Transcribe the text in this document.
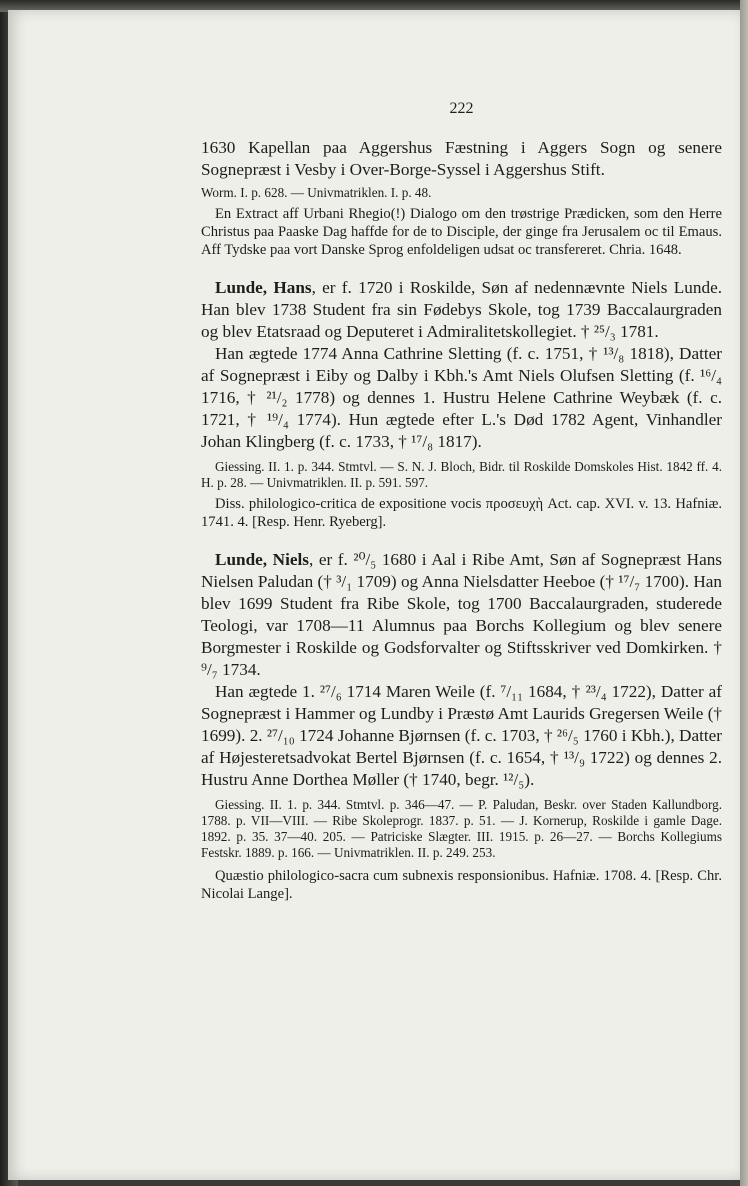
222

1630 Kapellan paa Aggershus Fæstning i Aggers Sogn og senere Sognepræst i Vesby i Over-Borge-Syssel i Aggershus Stift.

Worm. I. p. 628. — Univmatriklen. I. p. 48.

En Extract aff Urbani Rhegio(!) Dialogo om den trøstrige Prædicken, som den Herre Christus paa Paaske Dag haffde for de to Disciple, der ginge fra Jerusalem oc til Emaus. Aff Tydske paa vort Danske Sprog enfoldeligen udsat oc transfereret. Chria. 1648.

Lunde, Hans, er f. 1720 i Roskilde, Søn af nedennævnte Niels Lunde. Han blev 1738 Student fra sin Fødebys Skole, tog 1739 Baccalaurgraden og blev Etatsraad og Deputeret i Admiralitetskollegiet. † ²⁵/₃ 1781.

Han ægtede 1774 Anna Cathrine Sletting (f. c. 1751, † ¹³/₈ 1818), Datter af Sognepræst i Eiby og Dalby i Kbh.'s Amt Niels Olufsen Sletting (f. ¹⁶/₄ 1716, † ²¹/₂ 1778) og dennes 1. Hustru Helene Cathrine Weybæk (f. c. 1721, † ¹⁹/₄ 1774). Hun ægtede efter L.'s Død 1782 Agent, Vinhandler Johan Klingberg (f. c. 1733, † ¹⁷/₈ 1817).

Giessing. II. 1. p. 344. Stmtvl. — S. N. J. Bloch, Bidr. til Roskilde Domskoles Hist. 1842 ff. 4. H. p. 28. — Univmatriklen. II. p. 591. 597.

Diss. philologico-critica de expositione vocis προσευχὴ Act. cap. XVI. v. 13. Hafniæ. 1741. 4. [Resp. Henr. Ryeberg].

Lunde, Niels, er f. ²⁰/₅ 1680 i Aal i Ribe Amt, Søn af Sognepræst Hans Nielsen Paludan († ³/₁ 1709) og Anna Nielsdatter Heeboe († ¹⁷/₇ 1700). Han blev 1699 Student fra Ribe Skole, tog 1700 Baccalaurgraden, studerede Teologi, var 1708—11 Alumnus paa Borchs Kollegium og blev senere Borgmester i Roskilde og Godsforvalter og Stiftsskriver ved Domkirken. † ⁹/₇ 1734.

Han ægtede 1. ²⁷/₆ 1714 Maren Weile (f. ⁷/₁₁ 1684, † ²³/₄ 1722), Datter af Sognepræst i Hammer og Lundby i Præstø Amt Laurids Gregersen Weile († 1699). 2. ²⁷/₁₀ 1724 Johanne Bjørnsen (f. c. 1703, † ²⁶/₅ 1760 i Kbh.), Datter af Højesteretsadvokat Bertel Bjørnsen (f. c. 1654, † ¹³/₉ 1722) og dennes 2. Hustru Anne Dorthea Møller († 1740, begr. ¹²/₅).

Giessing. II. 1. p. 344. Stmtvl. p. 346—47. — P. Paludan, Beskr. over Staden Kallundborg. 1788. p. VII—VIII. — Ribe Skoleprogr. 1837. p. 51. — J. Kornerup, Roskilde i gamle Dage. 1892. p. 35. 37—40. 205. — Patriciske Slægter. III. 1915. p. 26—27. — Borchs Kollegiums Festskr. 1889. p. 166. — Univmatriklen. II. p. 249. 253.

Quæstio philologico-sacra cum subnexis responsionibus. Hafniæ. 1708. 4. [Resp. Chr. Nicolai Lange].
